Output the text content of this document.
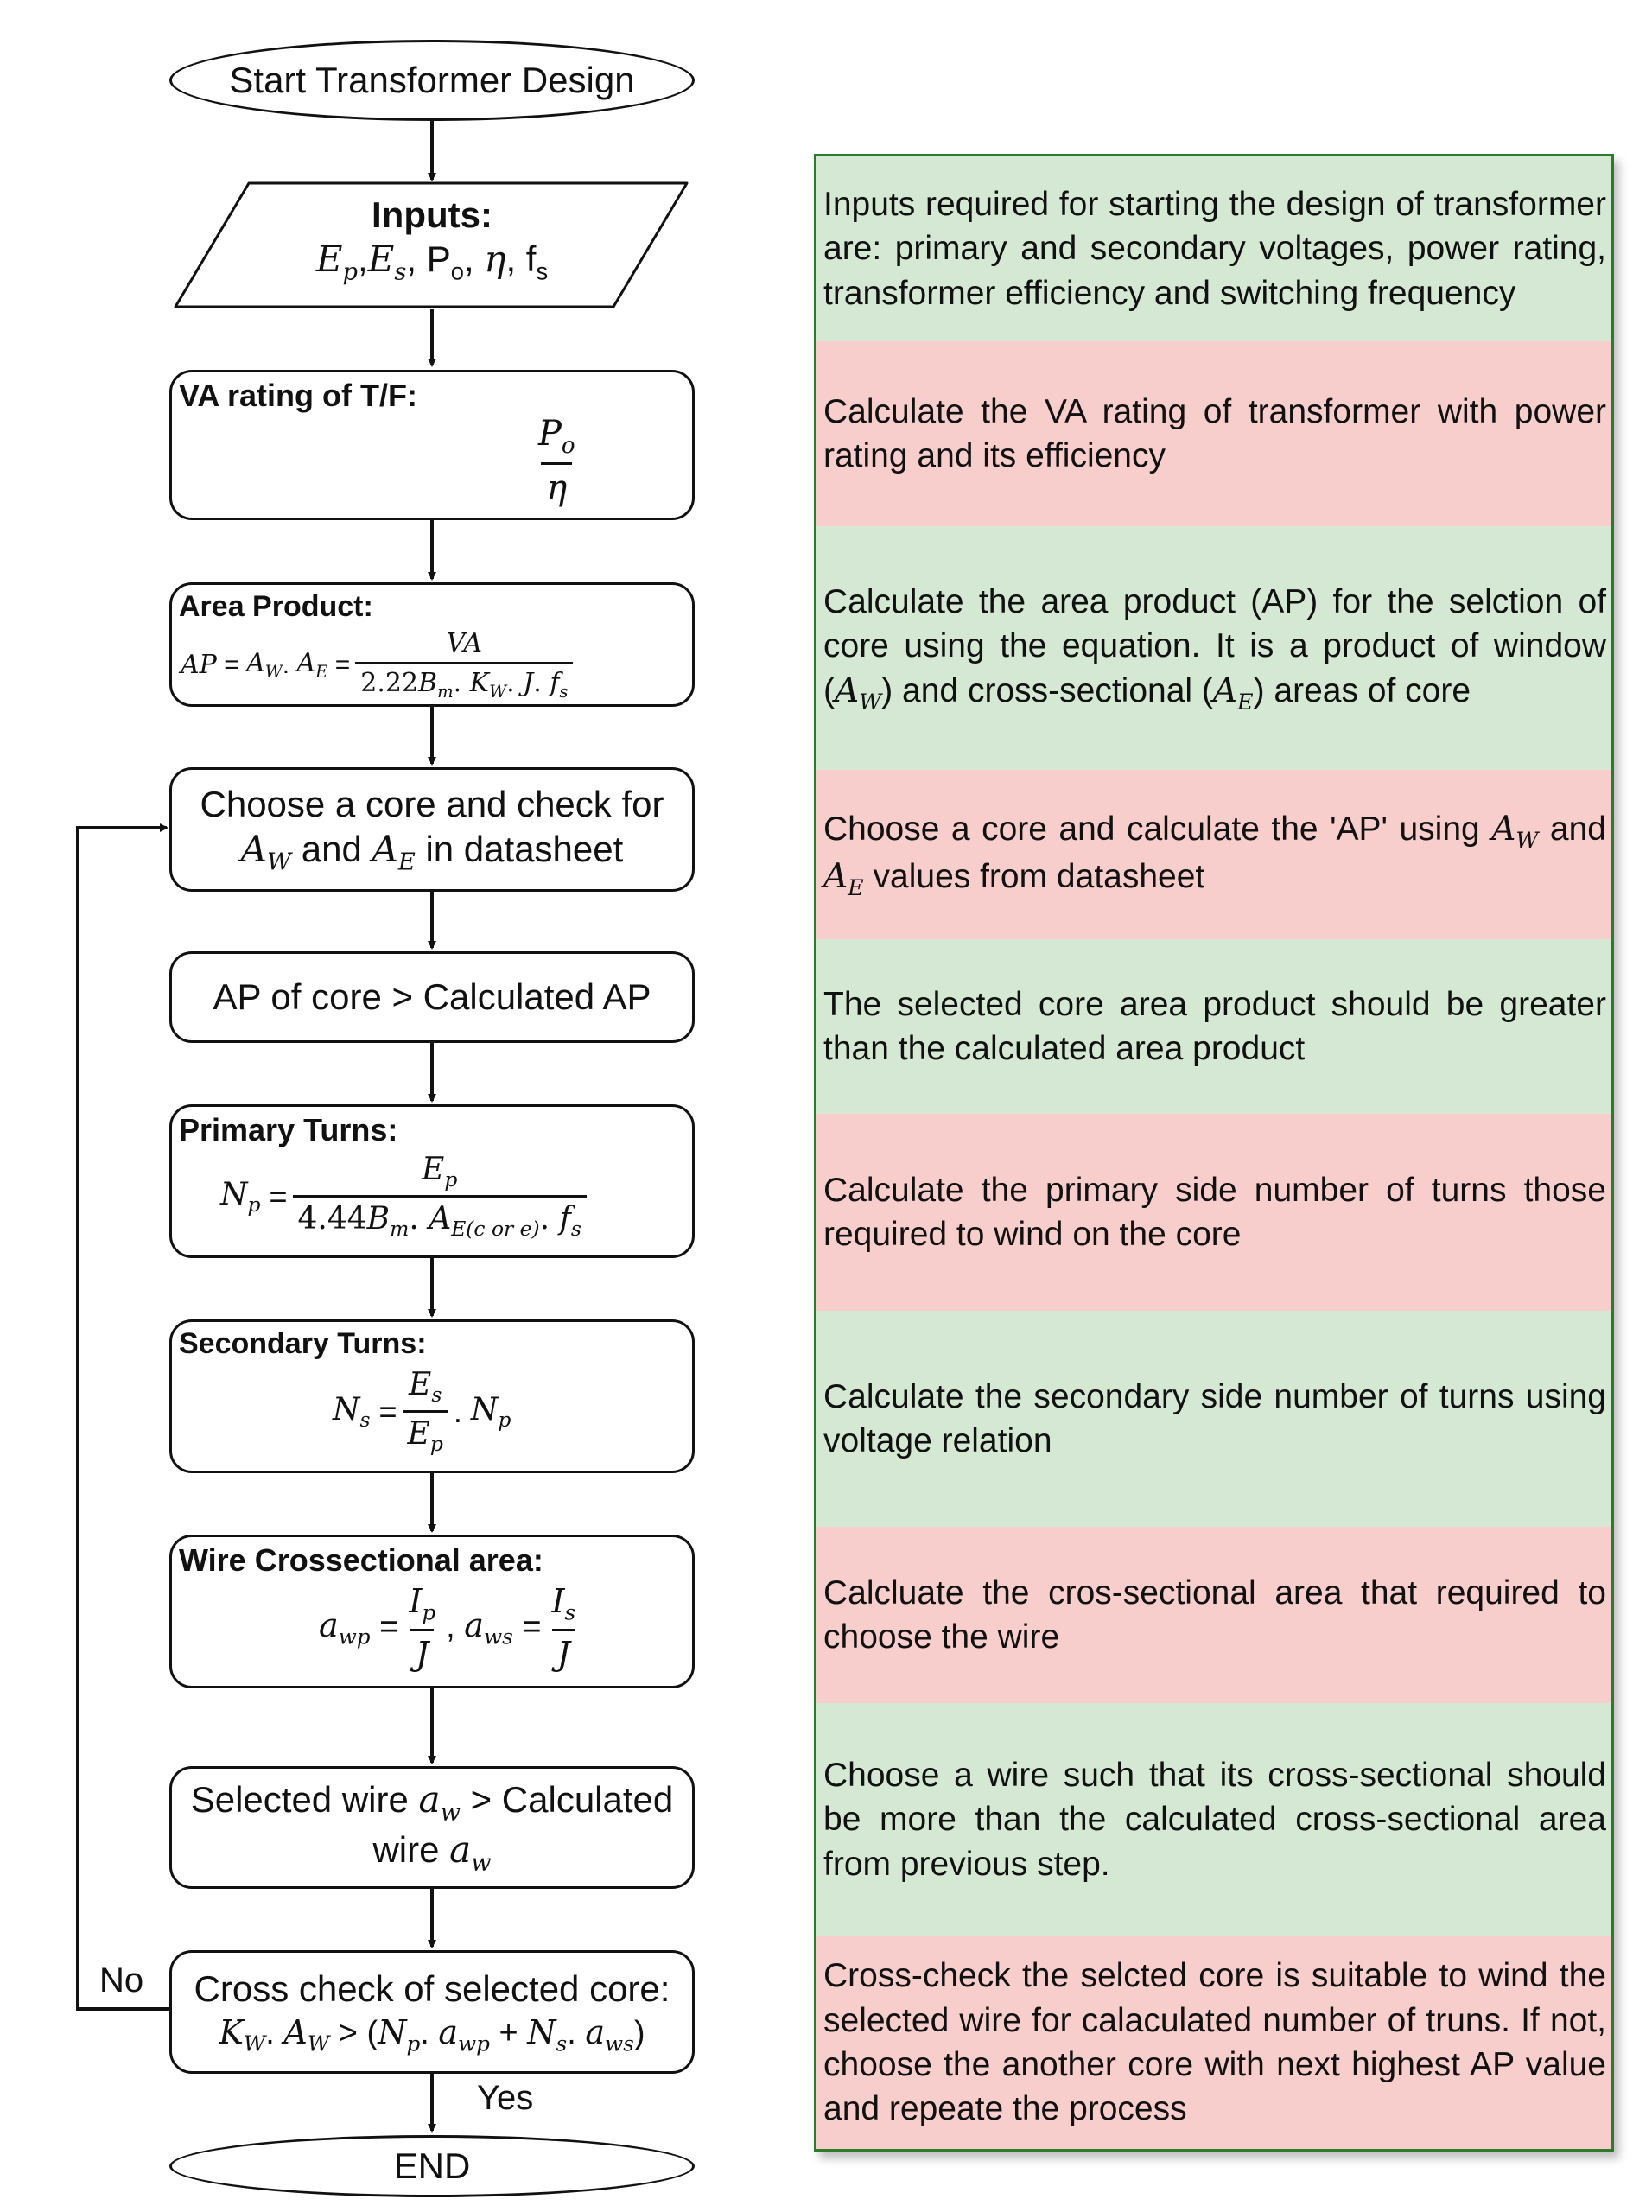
Start Transformer Design
Inputs:
$E_p,E_s$, $P_o$, η, $f_s$
VA rating of T/F:
$\frac{P_o}{\eta}$
Area Product:
AP = $A_W$ . $A_E = \frac{VA}{2.22B_m. K_W. J. f_s}$
Choose a core and check for
$A_W$ and $A_E$ in datasheet
AP of core > Calculated AP
Primary Turns:
$N_p = \frac{E_p}{4.44B_m. A_{E(c or e)}. f_s}$
Secondary Turns:
$N_s = \frac{E_s}{E_p}$ . $N_p$
Wire Crossectional area:
$a_{wp} = \frac{I_p}{J}$ , $a_{ws} = \frac{I_s}{J}$
Selected wire $a_w$ > Calculated
wire $a_w$
Cross check of selected core:
$K_W$. $A_W > (N_p$. $a_{wp} + N_s$. $a_{ws}$)
END
No
Yes

Inputs required for starting the design of transformer are: primary and secondary voltages, power rating, transformer efficiency and switching frequency

Calculate the VA rating of transformer with power rating and its efficiency

Calculate the area product (AP) for the selction of core using the equation. It is a product of window $(A_W)$ and cross-sectional $(A_E)$ areas of core

Choose a core and calculate the 'AP' using $A_W$ and $A_E$ values from datasheet

The selected core area product should be greater than the calculated area product

Calculate the primary side number of turns those required to wind on the core

Calculate the secondary side number of turns using voltage relation

Calcluate the cros-sectional area that required to choose the wire

Choose a wire such that its cross-sectional should be more than the calculated cross-sectional area from previous step.

Cross-check the selcted core is suitable to wind the selected wire for calaculated number of truns. If not, choose the another core with next highest AP value and repeate the process
